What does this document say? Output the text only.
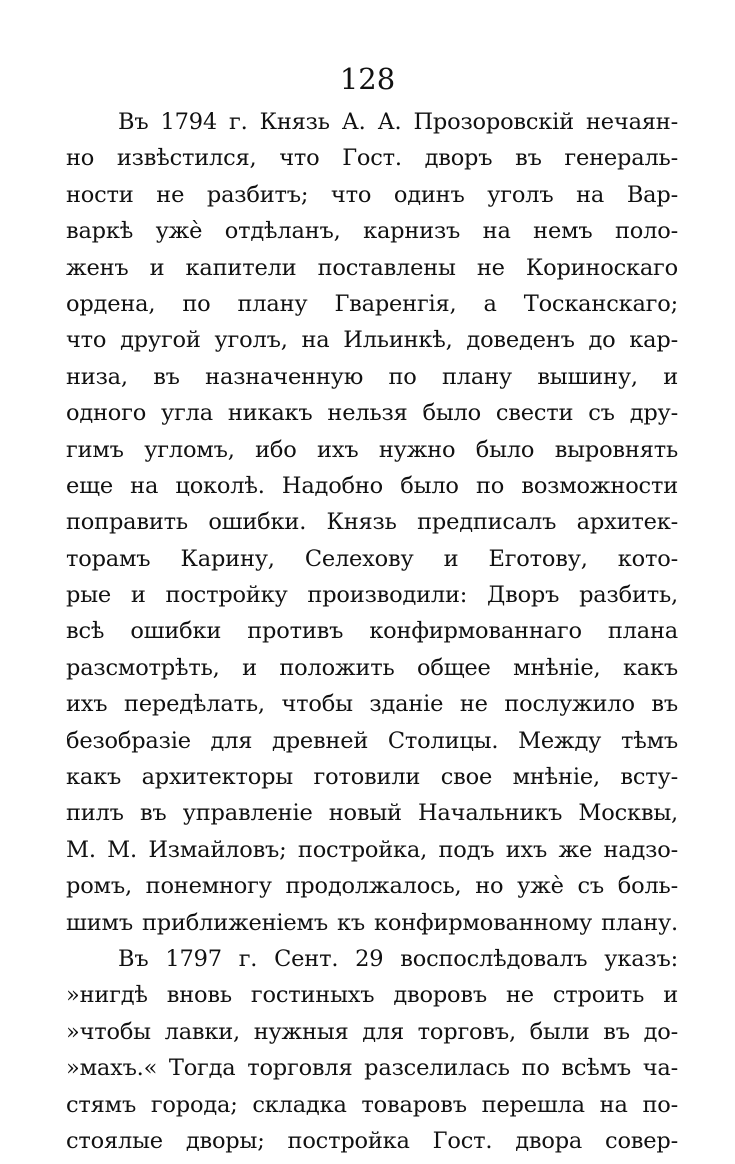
128
Въ 1794 г. Князь А. А. Прозоровскій нечаян-
но извѣстился, что Гост. дворъ въ генераль-
ности не разбитъ; что одинъ уголъ на Вар-
варкѣ ужѐ отдѣланъ, карнизъ на немъ поло-
женъ и капители поставлены не Кориноскаго
ордена, по плану Гваренгія, а Тосканскаго;
что другой уголъ, на Ильинкѣ, доведенъ до кар-
низа, въ назначенную по плану вышину, и
одного угла никакъ нельзя было свести съ дру-
гимъ угломъ, ибо ихъ нужно было выровнять
еще на цоколѣ. Надобно было по возможности
поправить ошибки. Князь предписалъ архитек-
торамъ Карину, Селехову и Еготову, кото-
рые и постройку производили: Дворъ разбить,
всѣ ошибки противъ конфирмованнаго плана
разсмотрѣть, и положить общее мнѣніе, какъ
ихъ передѣлать, чтобы зданіе не послужило въ
безобразіе для древней Столицы. Между тѣмъ
какъ архитекторы готовили свое мнѣніе, всту-
пилъ въ управленіе новый Начальникъ Москвы,
М. М. Измайловъ; постройка, подъ ихъ же надзо-
ромъ, понемногу продолжалось, но ужѐ съ боль-
шимъ приближеніемъ къ конфирмованному плану.
Въ 1797 г. Сент. 29 воспослѣдовалъ указъ:
»нигдѣ вновь гостиныхъ дворовъ не строить и
»чтобы лавки, нужныя для торговъ, были въ до-
»махъ.« Тогда торговля разселилась по всѣмъ ча-
стямъ города; складка товаровъ перешла на по-
стоялые дворы; постройка Гост. двора совер-
